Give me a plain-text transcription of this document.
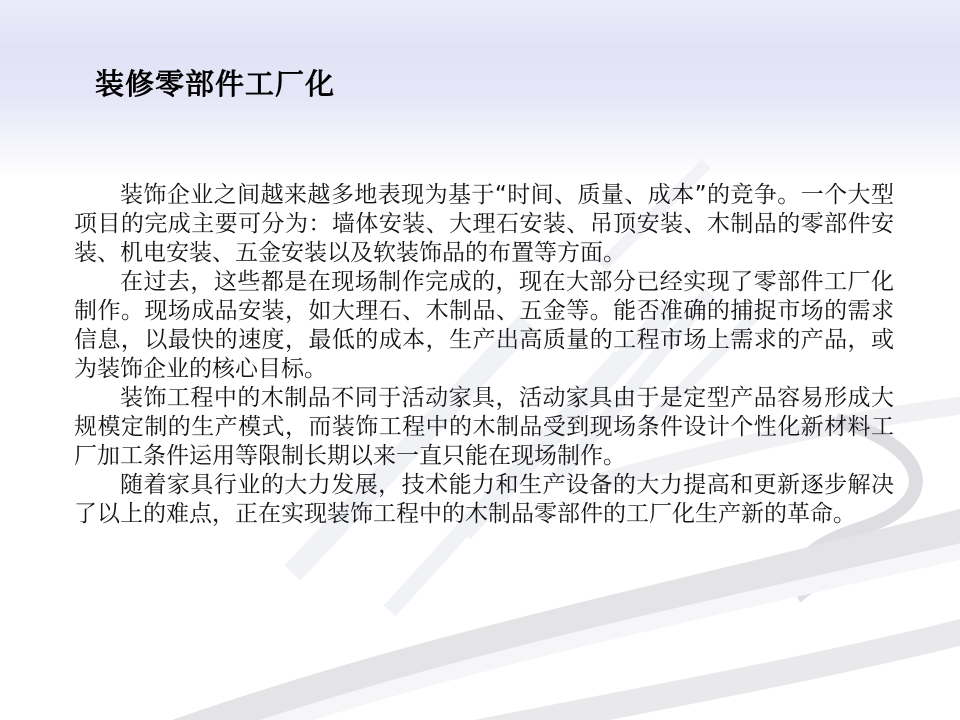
装修零部件工厂化

装饰企业之间越来越多地表现为基于“时间、质量、成本”的竞争。一个大型项目的完成主要可分为：墙体安装、大理石安装、吊顶安装、木制品的零部件安装、机电安装、五金安装以及软装饰品的布置等方面。

在过去，这些都是在现场制作完成的，现在大部分已经实现了零部件工厂化制作。现场成品安装，如大理石、木制品、五金等。能否准确的捕捉市场的需求信息，以最快的速度，最低的成本，生产出高质量的工程市场上需求的产品，或为装饰企业的核心目标。

装饰工程中的木制品不同于活动家具，活动家具由于是定型产品容易形成大规模定制的生产模式，而装饰工程中的木制品受到现场条件设计个性化新材料工厂加工条件运用等限制长期以来一直只能在现场制作。

随着家具行业的大力发展，技术能力和生产设备的大力提高和更新逐步解决了以上的难点，正在实现装饰工程中的木制品零部件的工厂化生产新的革命。
